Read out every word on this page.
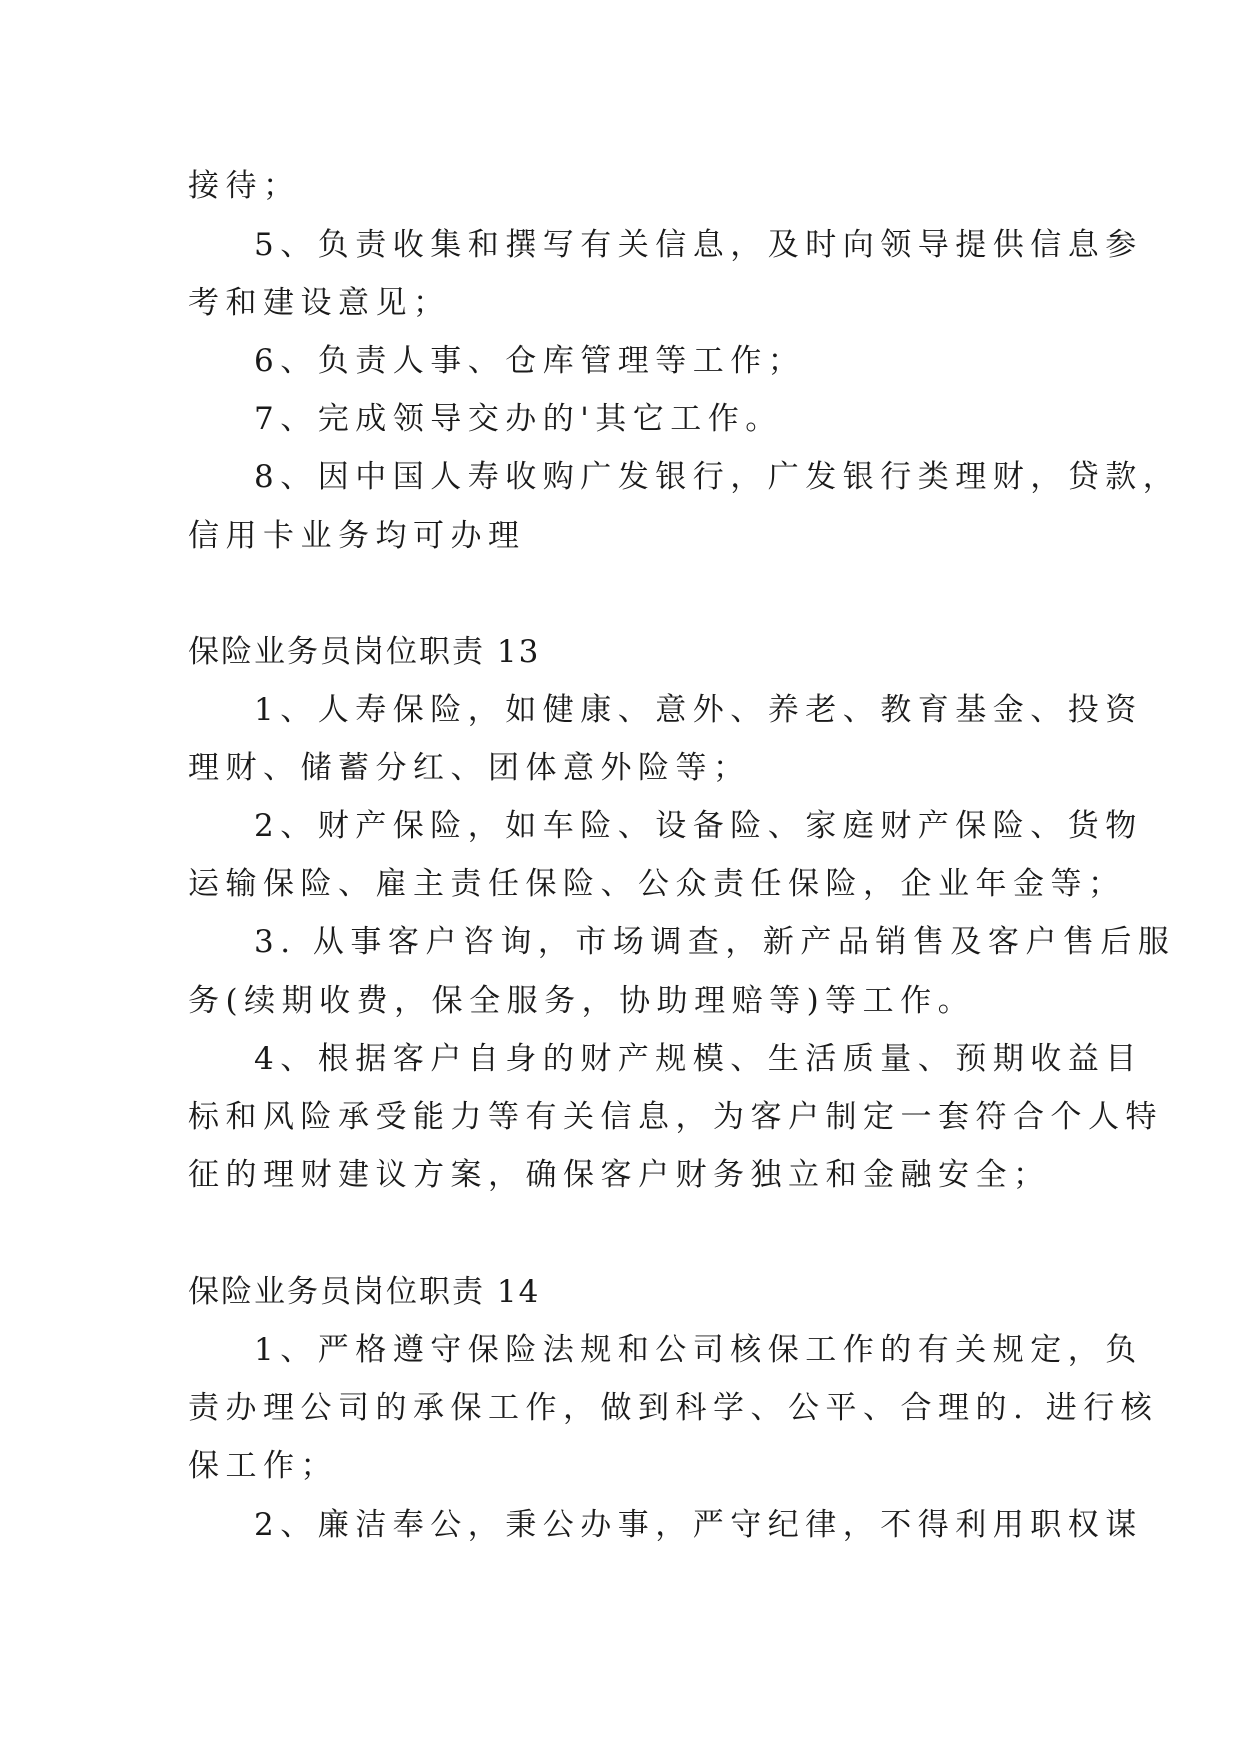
接待；
5、负责收集和撰写有关信息，及时向领导提供信息参
考和建设意见；
6、负责人事、仓库管理等工作；
7、完成领导交办的'其它工作。
8、因中国人寿收购广发银行，广发银行类理财，贷款，
信用卡业务均可办理
保险业务员岗位职责 13
1、人寿保险，如健康、意外、养老、教育基金、投资
理财、储蓄分红、团体意外险等；
2、财产保险，如车险、设备险、家庭财产保险、货物
运输保险、雇主责任保险、公众责任保险，企业年金等；
3. 从事客户咨询，市场调查，新产品销售及客户售后服
务(续期收费，保全服务，协助理赔等)等工作。
4、根据客户自身的财产规模、生活质量、预期收益目
标和风险承受能力等有关信息，为客户制定一套符合个人特
征的理财建议方案，确保客户财务独立和金融安全；
保险业务员岗位职责 14
1、严格遵守保险法规和公司核保工作的有关规定，负
责办理公司的承保工作，做到科学、公平、合理的. 进行核
保工作；
2、廉洁奉公，秉公办事，严守纪律，不得利用职权谋
